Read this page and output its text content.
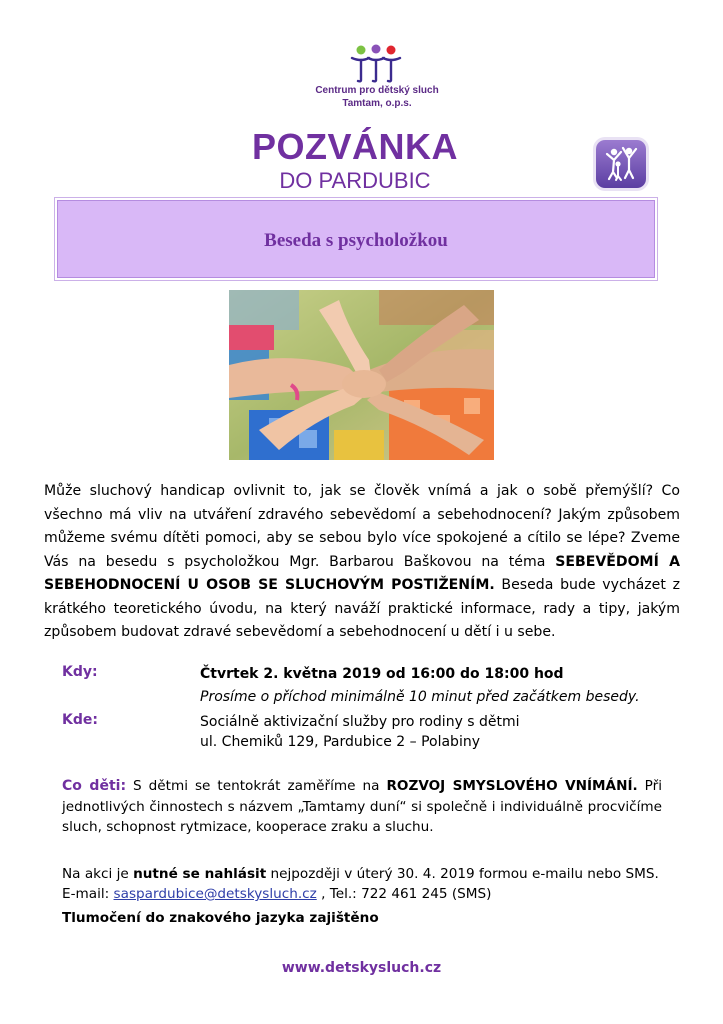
Centrum pro dětský sluch
Tamtam, o.p.s.
POZVÁNKA
DO PARDUBIC
Beseda s psycholožkou
Může sluchový handicap ovlivnit to, jak se člověk vnímá a jak o sobě přemýšlí? Co všechno má vliv na utváření zdravého sebevědomí a sebehodnocení? Jakým způsobem můžeme svému dítěti pomoci, aby se sebou bylo více spokojené a cítilo se lépe? Zveme Vás na besedu s psycholožkou Mgr. Barbarou Baškovou na téma SEBEVĚDOMÍ A SEBEHODNOCENÍ U OSOB SE SLUCHOVÝM POSTIŽENÍM. Beseda bude vycházet z krátkého teoretického úvodu, na který naváží praktické informace, rady a tipy, jakým způsobem budovat zdravé sebevědomí a sebehodnocení u dětí i u sebe.
Kdy:	Čtvrtek 2. května 2019 od 16:00 do 18:00 hod
Prosíme o příchod minimálně 10 minut před začátkem besedy.
Kde:	Sociálně aktivizační služby pro rodiny s dětmi
ul. Chemiků 129, Pardubice 2 – Polabiny
Co děti: S dětmi se tentokrát zaměříme na ROZVOJ SMYSLOVÉHO VNÍMÁNÍ. Při jednotlivých činnostech s názvem „Tamtamy duní“ si společně i individuálně procvičíme sluch, schopnost rytmizace, kooperace zraku a sluchu.
Na akci je nutné se nahlásit nejpozději v úterý 30. 4. 2019 formou e-mailu nebo SMS. E-mail: saspardubice@detskysluch.cz , Tel.: 722 461 245 (SMS)
Tlumočení do znakového jazyka zajištěno
www.detskysluch.cz
